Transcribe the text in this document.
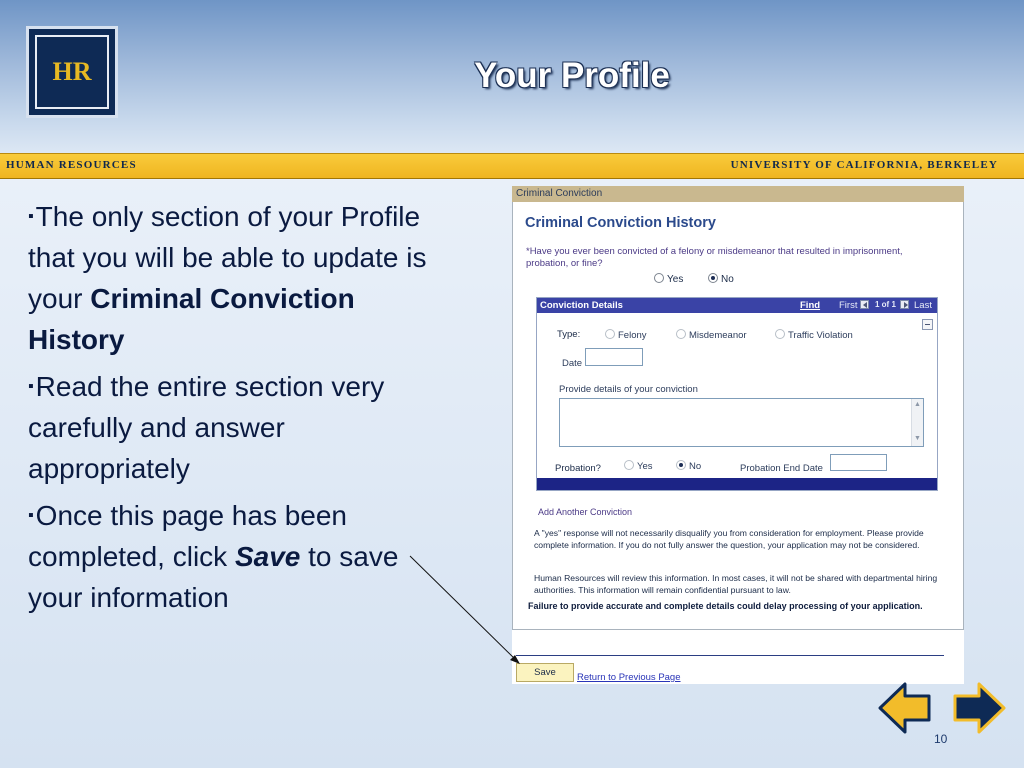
HR	Your Profile
HUMAN RESOURCES	UNIVERSITY OF CALIFORNIA, BERKELEY
▪The only section of your Profile that you will be able to update is your Criminal Conviction History
▪Read the entire section very carefully and answer appropriately
▪Once this page has been completed, click Save to save your information
Criminal Conviction
Criminal Conviction History
*Have you ever been convicted of a felony or misdemeanor that resulted in imprisonment, probation, or fine?
Yes	No
Conviction Details	Find First 1 of 1 Last
Type:	Felony	Misdemeanor	Traffic Violation
Date
Provide details of your conviction
▲
▼
Probation?	Yes	No	Probation End Date
Add Another Conviction
A "yes" response will not necessarily disqualify you from consideration for employment. Please provide complete information. If you do not fully answer the question, your application may not be considered.
Human Resources will review this information. In most cases, it will not be shared with departmental hiring authorities. This information will remain confidential pursuant to law.
Failure to provide accurate and complete details could delay processing of your application.
Save	Return to Previous Page
10
